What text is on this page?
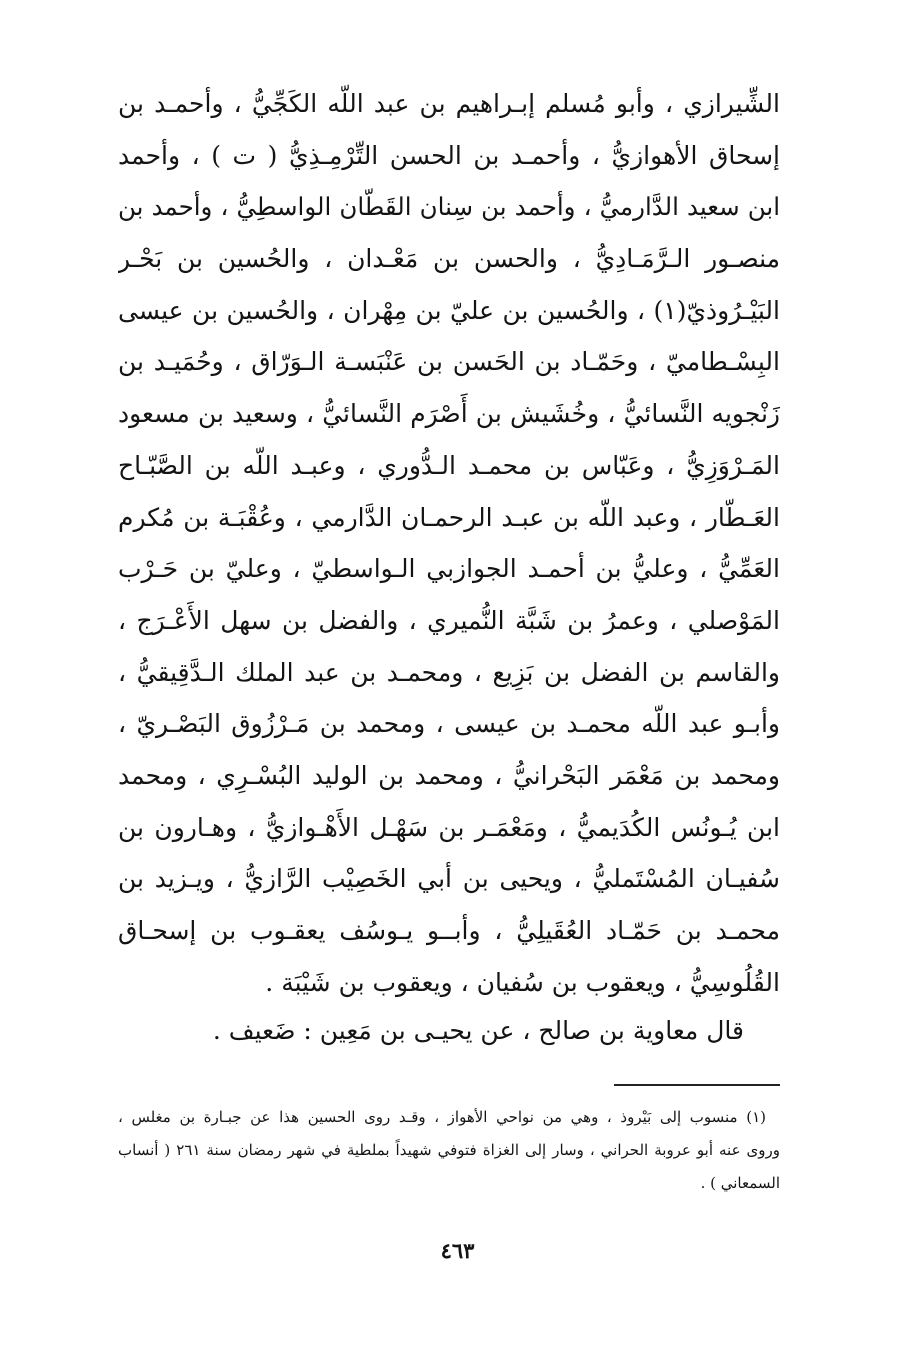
الشِّيرازي ، وأبو مُسلم إبـراهيم بن عبد اللّه الكَجِّيُّ ، وأحمـد بن
إسحاق الأهوازيُّ ، وأحمـد بن الحسن التِّرْمِـذِيُّ ( ت ) ، وأحمد
ابن سعيد الدَّارميُّ ، وأحمد بن سِنان القَطّان الواسطِيُّ ، وأحمد بن
منصـور الـرَّمَـادِيُّ ، والحسن بن مَعْـدان ، والحُسين بن بَحْـر
البَيْـرُوذيّ(١) ، والحُسين بن عليّ بن مِهْران ، والحُسين بن عيسى
البِسْـطاميّ ، وحَمّـاد بن الحَسن بن عَنْبَسـة الـوَرّاق ، وحُمَيـد بن
زَنْجويه النَّسائيُّ ، وخُشَيش بن أَصْرَم النَّسائيُّ ، وسعيد بن مسعود
المَـرْوَزِيُّ ، وعَبّاس بن محمـد الـدُّوري ، وعبـد اللّه بن الصَّبّـاح
العَـطّار ، وعبد اللّه بن عبـد الرحمـان الدَّارمي ، وعُقْبَـة بن مُكرم
العَمِّيُّ ، وعليُّ بن أحمـد الجوازبي الـواسطيّ ، وعليّ بن حَـرْب
المَوْصلي ، وعمرُ بن شَبَّة النُّميري ، والفضل بن سهل الأَعْـرَج ،
والقاسم بن الفضل بن بَزِيع ، ومحمـد بن عبد الملك الـدَّقِيقيُّ ،
وأبـو عبد اللّه محمـد بن عيسى ، ومحمد بن مَـرْزُوق البَصْـريّ ،
ومحمد بن مَعْمَر البَحْرانيُّ ، ومحمد بن الوليد البُسْـرِي ، ومحمد
ابن يُـونُس الكُدَيميُّ ، ومَعْمَـر بن سَهْـل الأَهْـوازيُّ ، وهـارون بن
سُفيـان المُسْتَمليُّ ، ويحيى بن أبي الخَصِيْب الرَّازيُّ ، ويـزيد بن
محمـد بن حَمّـاد العُقَيلِيُّ ، وأبــو يـوسُف يعقـوب بن إسحـاق
القُلُوسِيُّ ، ويعقوب بن سُفيان ، ويعقوب بن شَيْبَة .
قال معاوية بن صالح ، عن يحيـى بن مَعِين : ضَعيف .
(١) منسوب إلى بَيْروذ ، وهي من نواحي الأهواز ، وقـد روى الحسين هذا عن جبـارة بن مغلس ،
وروى عنه أبو عروبة الحراني ، وسار إلى الغزاة فتوفي شهيداً بملطية في شهر رمضان سنة ٢٦١ ( أنساب
السمعاني ) .
٤٦٣
